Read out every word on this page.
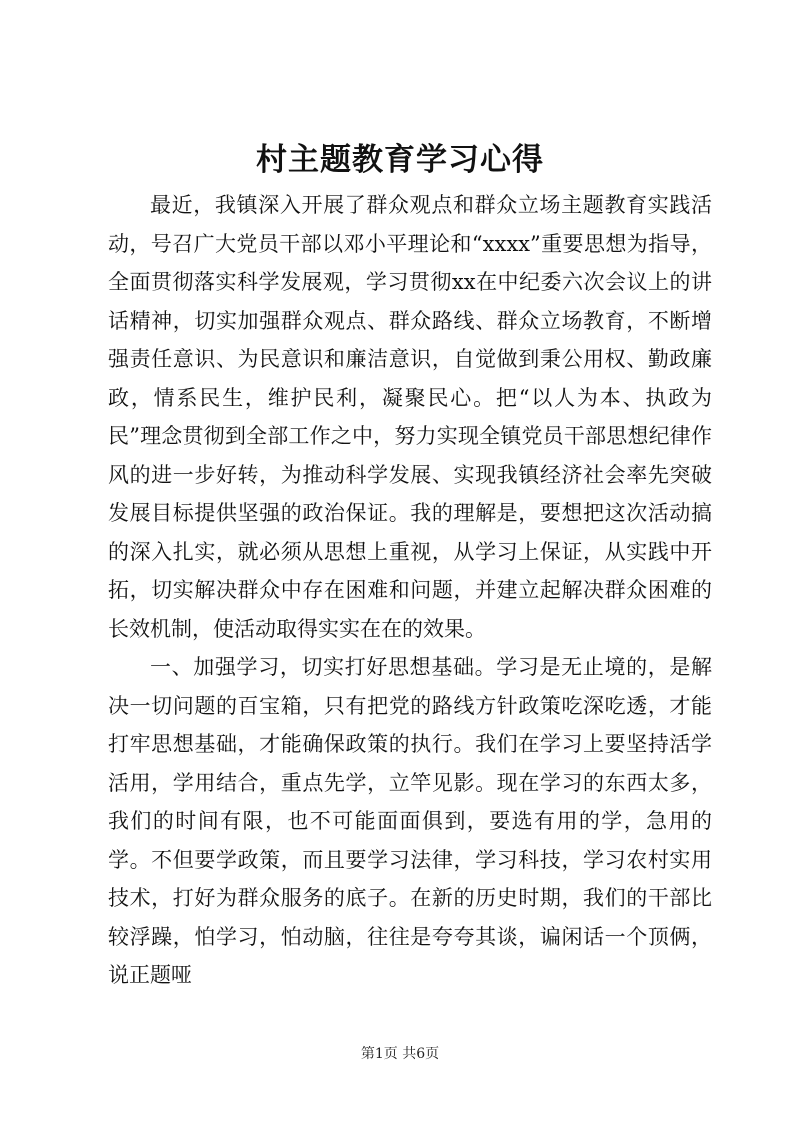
村主题教育学习心得

最近，我镇深入开展了群众观点和群众立场主题教育实践活动，号召广大党员干部以邓小平理论和“xxxx”重要思想为指导，全面贯彻落实科学发展观，学习贯彻xx在中纪委六次会议上的讲话精神，切实加强群众观点、群众路线、群众立场教育，不断增强责任意识、为民意识和廉洁意识，自觉做到秉公用权、勤政廉政，情系民生，维护民利，凝聚民心。把“以人为本、执政为民”理念贯彻到全部工作之中，努力实现全镇党员干部思想纪律作风的进一步好转，为推动科学发展、实现我镇经济社会率先突破发展目标提供坚强的政治保证。我的理解是，要想把这次活动搞的深入扎实，就必须从思想上重视，从学习上保证，从实践中开拓，切实解决群众中存在困难和问题，并建立起解决群众困难的长效机制，使活动取得实实在在的效果。

一、加强学习，切实打好思想基础。学习是无止境的，是解决一切问题的百宝箱，只有把党的路线方针政策吃深吃透，才能打牢思想基础，才能确保政策的执行。我们在学习上要坚持活学活用，学用结合，重点先学，立竿见影。现在学习的东西太多，我们的时间有限，也不可能面面俱到，要选有用的学，急用的学。不但要学政策，而且要学习法律，学习科技，学习农村实用技术，打好为群众服务的底子。在新的历史时期，我们的干部比较浮躁，怕学习，怕动脑，往往是夸夸其谈，谝闲话一个顶俩，说正题哑

第1页 共6页
